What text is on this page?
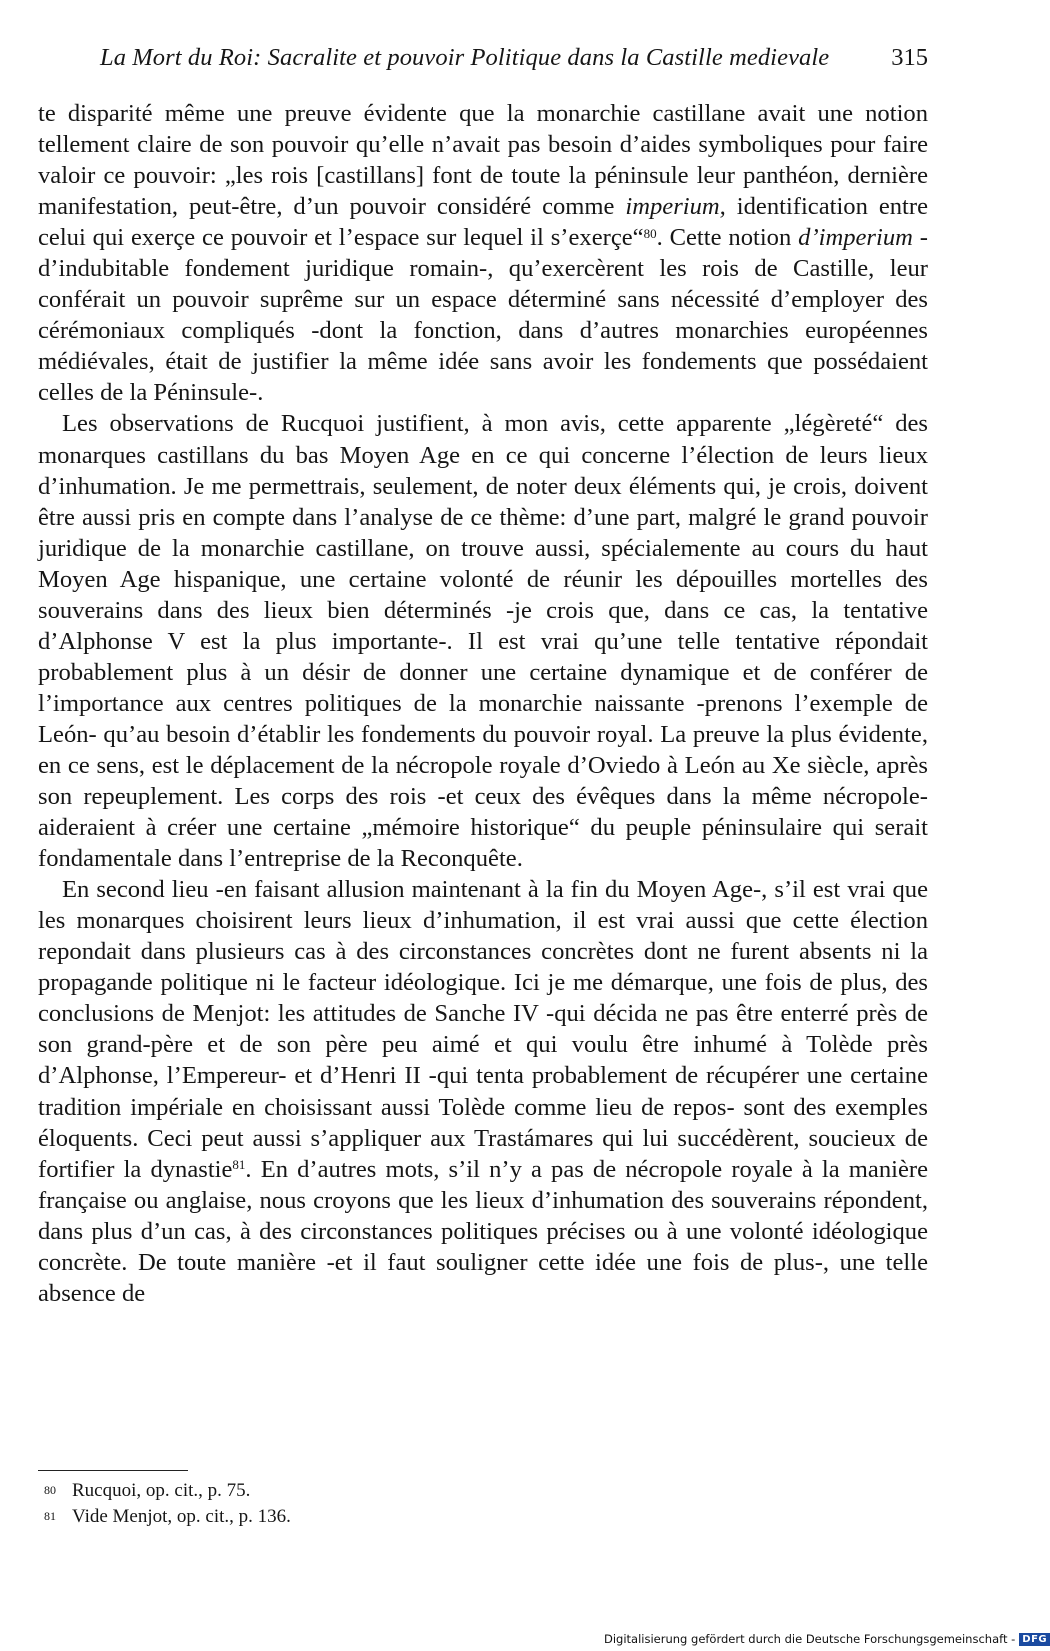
La Mort du Roi: Sacralite et pouvoir Politique dans la Castille medievale	315

te disparité même une preuve évidente que la monarchie castillane avait une notion tellement claire de son pouvoir qu’elle n’avait pas besoin d’aides symboliques pour faire valoir ce pouvoir: „les rois [castillans] font de toute la péninsule leur panthéon, dernière manifestation, peut-être, d’un pouvoir considéré comme imperium, identification entre celui qui exerçe ce pouvoir et l’espace sur lequel il s’exerçe“$^{80}$. Cette notion d’imperium -d’indubitable fondement juridique romain-, qu’exercèrent les rois de Castille, leur conférait un pouvoir suprême sur un espace déterminé sans nécessité d’employer des cérémoniaux compliqués -dont la fonction, dans d’autres monarchies européennes médiévales, était de justifier la même idée sans avoir les fondements que possédaient celles de la Péninsule-.

Les observations de Rucquoi justifient, à mon avis, cette apparente „légèreté“ des monarques castillans du bas Moyen Age en ce qui concerne l’élection de leurs lieux d’inhumation. Je me permettrais, seulement, de noter deux éléments qui, je crois, doivent être aussi pris en compte dans l’analyse de ce thème: d’une part, malgré le grand pouvoir juridique de la monarchie castillane, on trouve aussi, spécialemente au cours du haut Moyen Age hispanique, une certaine volonté de réunir les dépouilles mortelles des souverains dans des lieux bien déterminés -je crois que, dans ce cas, la tentative d’Alphonse V est la plus importante-. Il est vrai qu’une telle tentative répondait probablement plus à un désir de donner une certaine dynamique et de conférer de l’importance aux centres politiques de la monarchie naissante -prenons l’exemple de León- qu’au besoin d’établir les fondements du pouvoir royal. La preuve la plus évidente, en ce sens, est le déplacement de la nécropole royale d’Oviedo à León au Xe siècle, après son repeuplement. Les corps des rois -et ceux des évêques dans la même nécropole- aideraient à créer une certaine „mémoire historique“ du peuple péninsulaire qui serait fondamentale dans l’entreprise de la Reconquête.

En second lieu -en faisant allusion maintenant à la fin du Moyen Age-, s’il est vrai que les monarques choisirent leurs lieux d’inhumation, il est vrai aussi que cette élection repondait dans plusieurs cas à des circonstances concrètes dont ne furent absents ni la propagande politique ni le facteur idéologique. Ici je me démarque, une fois de plus, des conclusions de Menjot: les attitudes de Sanche IV -qui décida ne pas être enterré près de son grand-père et de son père peu aimé et qui voulu être inhumé à Tolède près d’Alphonse, l’Empereur- et d’Henri II -qui tenta probablement de récupérer une certaine tradition impériale en choisissant aussi Tolède comme lieu de repos- sont des exemples éloquents. Ceci peut aussi s’appliquer aux Trastámares qui lui succédèrent, soucieux de fortifier la dynastie$^{81}$. En d’autres mots, s’il n’y a pas de nécropole royale à la manière française ou anglaise, nous croyons que les lieux d’inhumation des souverains répondent, dans plus d’un cas, à des circonstances politiques précises ou à une volonté idéologique concrète. De toute manière -et il faut souligner cette idée une fois de plus-, une telle absence de

80 Rucquoi, op. cit., p. 75.
81 Vide Menjot, op. cit., p. 136.
Digitalisierung gefördert durch die Deutsche Forschungsgemeinschaft - DFG
